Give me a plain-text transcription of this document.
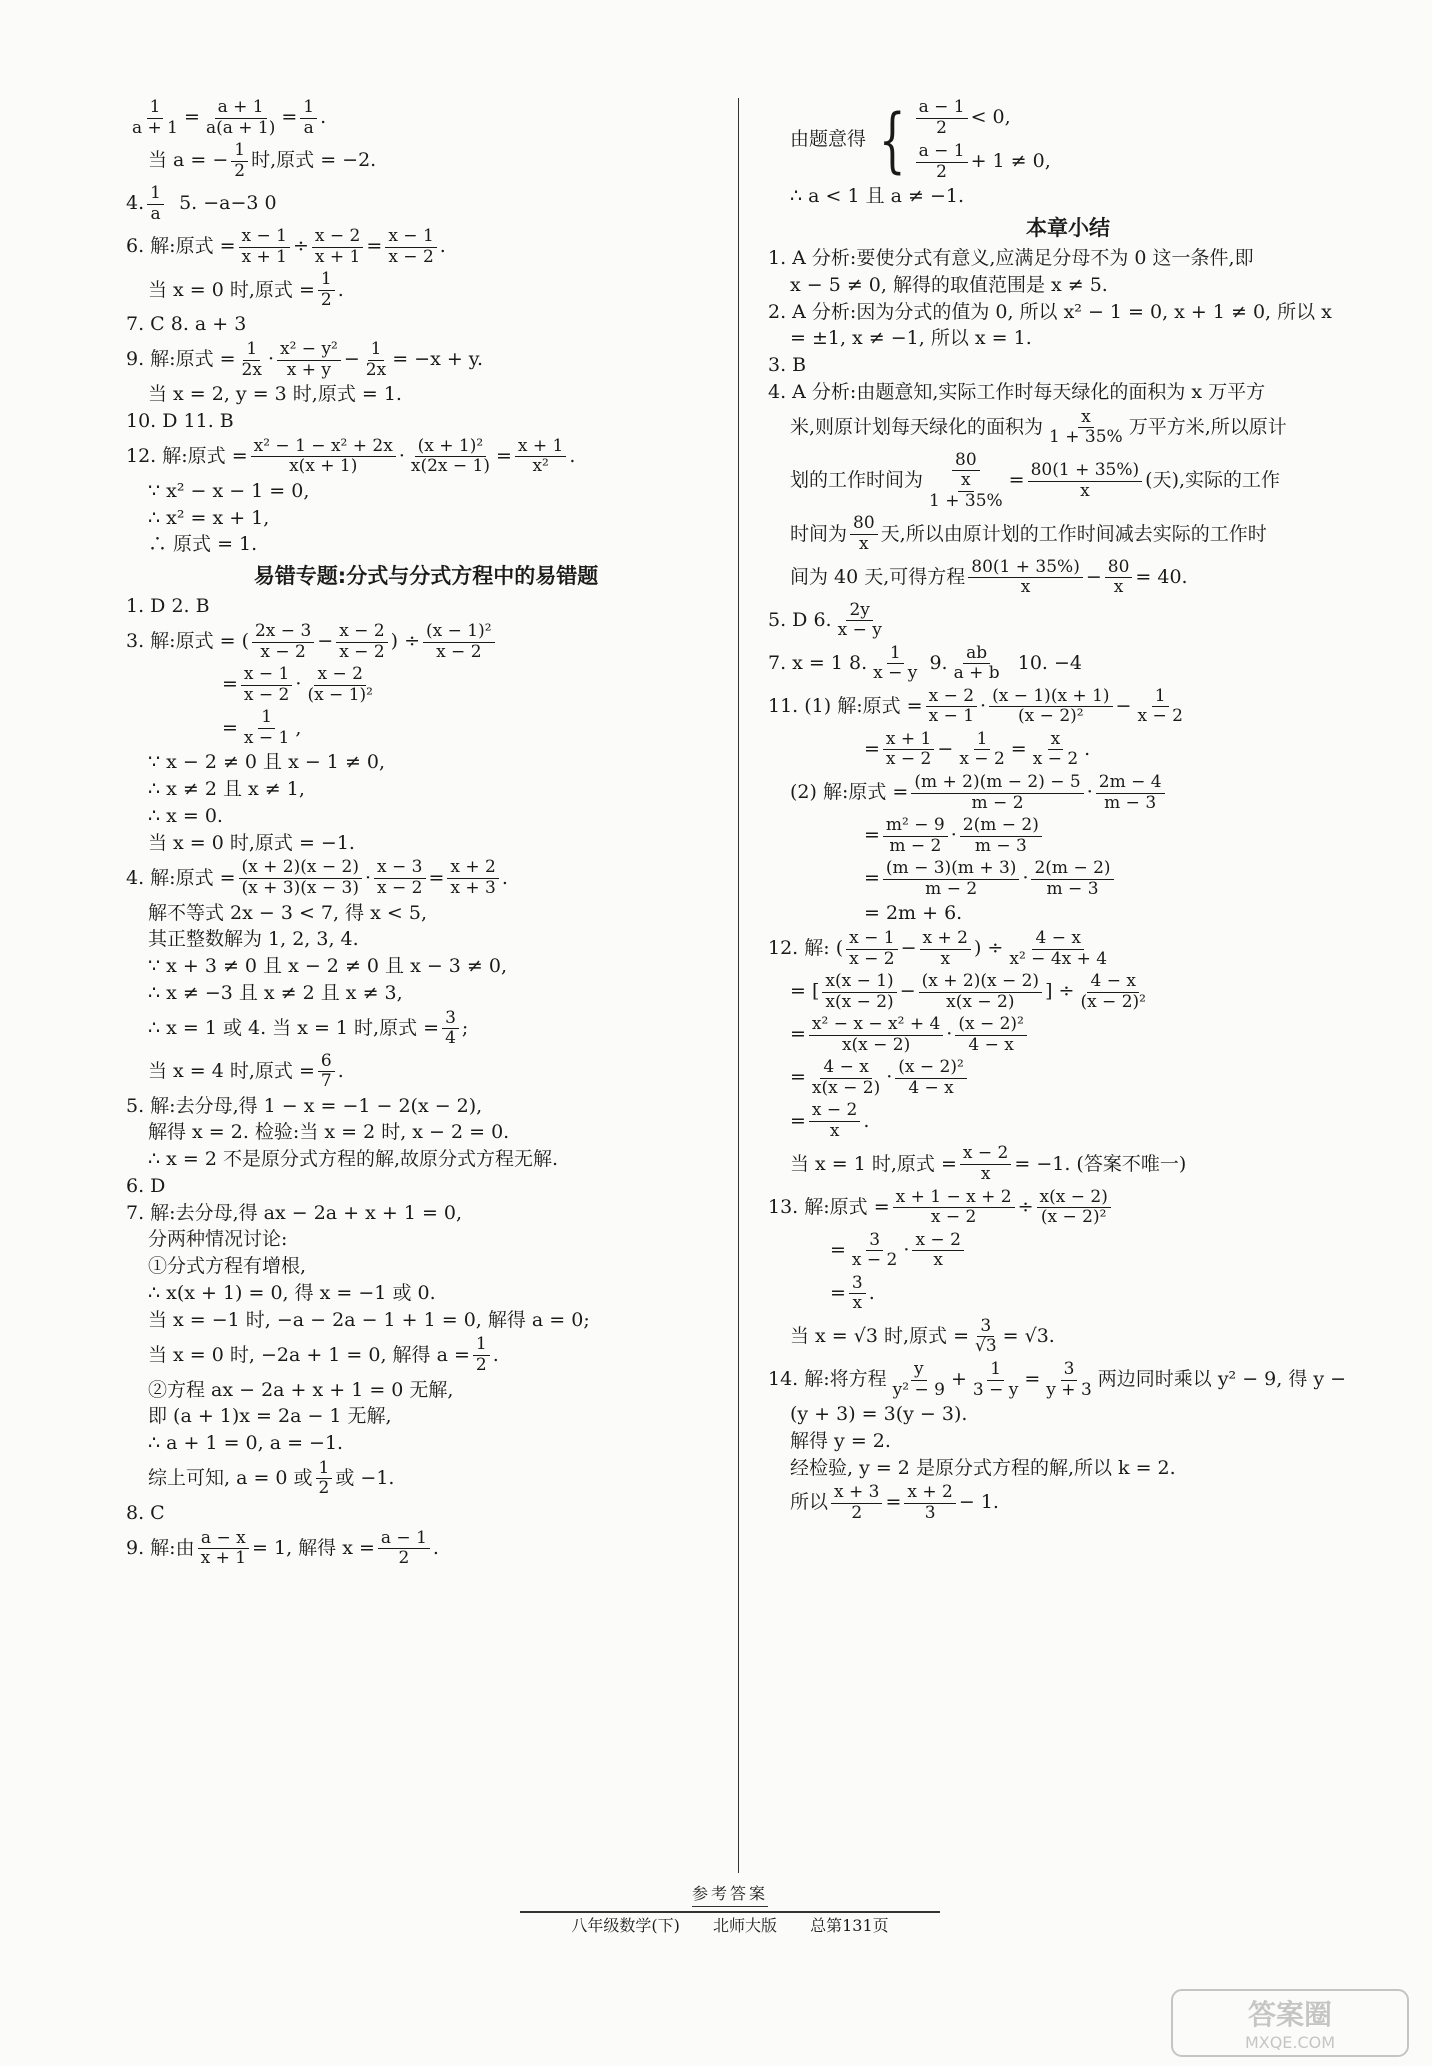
$\frac{1}{a + 1} = \frac{a + 1}{a(a + 1)} = \frac{1}{a}$ .
当 a = − $\frac{1}{2}$ 时,原式 = −2.
4. $\frac{1}{a}$
5. −a−3 0
6. 解:原式 = $\frac{x - 1}{x + 1} \div \frac{x - 2}{x + 1} = \frac{x - 1}{x - 2}$ .
当 x = 0 时,原式 = $\frac{1}{2}$ .
7. C 8. a + 3
9. 解:原式 = $\frac{1}{2x} \cdot \frac{\text{x² − y²}}{x + y} - \frac{1}{2x} = -x + y$.
当 x = 2, y = 3 时,原式 = 1.
10. D 11. B
12. 解:原式 = $\frac{\text{x² − 1 − x² + 2x}}{x(x + 1)} \cdot \frac{\text{(x + 1)²}}{x(2x - 1)} = \frac{x + 1}{\text{x²}}$ .
∵ x² − x − 1 = 0,
∴ x² = x + 1,
∴ 原式 = 1.
易错专题:分式与分式方程中的易错题
1. D 2. B
3. 解:原式 = ( $\frac{2x - 3}{x - 2} - \frac{x - 2}{x - 2}$ ) ÷ $\frac{\text{(x − 1)²}}{x - 2}$
= $\frac{x - 1}{x - 2} \cdot \frac{x - 2}{\text{(x − 1)²}}$
= $\frac{1}{x - 1}$ ,
∵ x − 2 ≠ 0 且 x − 1 ≠ 0,
∴ x ≠ 2 且 x ≠ 1,
∴ x = 0.
当 x = 0 时,原式 = −1.
4. 解:原式 = $\frac{(x + 2)(x - 2)}{(x + 3)(x - 3)} \cdot \frac{x - 3}{x - 2} = \frac{x + 2}{x + 3}$ .
解不等式 2x − 3 < 7, 得 x < 5,
其正整数解为 1, 2, 3, 4.
∵ x + 3 ≠ 0 且 x − 2 ≠ 0 且 x − 3 ≠ 0,
∴ x ≠ −3 且 x ≠ 2 且 x ≠ 3,
∴ x = 1 或 4. 当 x = 1 时,原式 = $\frac{3}{4}$ ;
当 x = 4 时,原式 = $\frac{6}{7}$ .
5. 解:去分母,得 1 − x = −1 − 2(x − 2),
解得 x = 2. 检验:当 x = 2 时, x − 2 = 0.
∴ x = 2 不是原分式方程的解,故原分式方程无解.
6. D
7. 解:去分母,得 ax − 2a + x + 1 = 0,
分两种情况讨论:
①分式方程有增根,
∴ x(x + 1) = 0, 得 x = −1 或 0.
当 x = −1 时, −a − 2a − 1 + 1 = 0, 解得 a = 0;
当 x = 0 时, −2a + 1 = 0, 解得 $a = \frac{1}{2}$ .
②方程 ax − 2a + x + 1 = 0 无解,
即 (a + 1)x = 2a − 1 无解,
∴ a + 1 = 0, a = −1.
综上可知, a = 0 或 $\frac{1}{2}$ 或 −1.
8. C
9. 解:由 $\frac{a - x}{x + 1} = 1$, 解得 $x = \frac{a - 1}{2}$ .
由题意得 { $\frac{a - 1}{2} < 0$,
$\frac{a - 1}{2} + 1 \ne 0$,
∴ a < 1 且 a ≠ −1.
本章小结
1. A 分析:要使分式有意义,应满足分母不为 0 这一条件,即
x − 5 ≠ 0, 解得的取值范围是 x ≠ 5.
2. A 分析:因为分式的值为 0, 所以 x² − 1 = 0, x + 1 ≠ 0, 所以 x
= ±1, x ≠ −1, 所以 x = 1.
3. B
4. A 分析:由题意知,实际工作时每天绿化的面积为 x 万平方
米,则原计划每天绿化的面积为 $\frac{x}{1 + 35\%}$ 万平方米,所以原计
划的工作时间为
80
x
1 + 35%
= $\frac{80(1 + 35\%)}{x}$ (天),实际的工作
时间为 $\frac{80}{x}$ 天,所以由原计划的工作时间减去实际的工作时
间为 40 天,可得方程 $\frac{80(1 + 35\%)}{x} - \frac{80}{x} = 40$.
5. D 6. $\frac{2y}{x - y}$
7. x = 1 8. $\frac{1}{x - y}$
9. $\frac{ab}{a + b}$
10. −4
11. (1) 解:原式 = $\frac{x - 2}{x - 1} \cdot \frac{(x - 1)(x + 1)}{\text{(x − 2)²}} - \frac{1}{x - 2}$
= $\frac{x + 1}{x - 2} - \frac{1}{x - 2} = \frac{x}{x - 2}$ .
(2) 解:原式 = $\frac{(m + 2)(m - 2) - 5}{m - 2} \cdot \frac{2m - 4}{m - 3}$
= $\frac{\text{m² − 9}}{m - 2} \cdot \frac{2(m - 2)}{m - 3}$
= $\frac{(m - 3)(m + 3)}{m - 2} \cdot \frac{2(m - 2)}{m - 3}$
= 2m + 6.
12. 解: ( $\frac{x - 1}{x - 2} - \frac{x + 2}{x}$ ) ÷ $\frac{4 - x}{\text{x² − 4x + 4}}$
= [ $\frac{x(x - 1)}{x(x - 2)} - \frac{(x + 2)(x - 2)}{x(x - 2)}$ ] ÷ $\frac{4 - x}{\text{(x − 2)²}}$
= $\frac{\text{x² − x − x² + 4}}{x(x - 2)} \cdot \frac{\text{(x − 2)²}}{4 - x}$
= $\frac{4 - x}{x(x - 2)} \cdot \frac{\text{(x − 2)²}}{4 - x}$
= $\frac{x - 2}{x}$ .
当 x = 1 时,原式 = $\frac{x - 2}{x} = -1$. (答案不唯一)
13. 解:原式 = $\frac{x + 1 - x + 2}{x - 2} \div \frac{x(x - 2)}{\text{(x − 2)²}}$
= $\frac{3}{x - 2} \cdot \frac{x - 2}{x}$
= $\frac{3}{x}$ .
当 x = √3 时,原式 = $\frac{3}{√3} = √3$.
14. 解:将方程 $\frac{y}{\text{y² − 9}} + \frac{1}{3 - y} = \frac{3}{y + 3}$ 两边同时乘以 y² − 9, 得 y −
(y + 3) = 3(y − 3).
解得 y = 2.
经检验, y = 2 是原分式方程的解,所以 k = 2.
所以 $\frac{x + 3}{2} = \frac{x + 2}{3} - 1$.
参考答案
八年级数学(下) 北师大版 总第131页
答案圈
MXQE.COM
